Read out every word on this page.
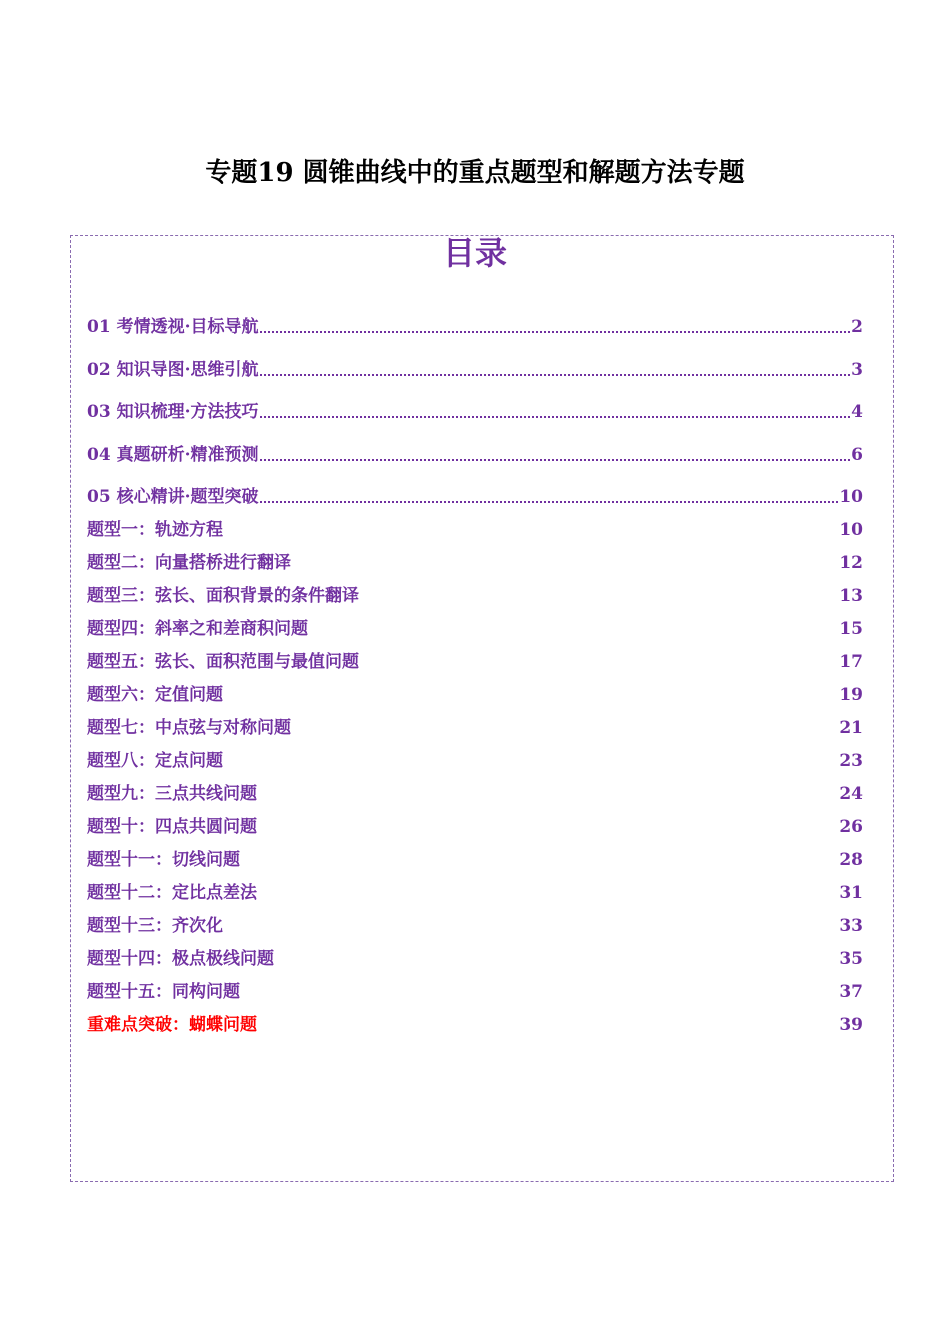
专题19 圆锥曲线中的重点题型和解题方法专题
目录
01 考情透视·目标导航	2
02 知识导图·思维引航	3
03 知识梳理·方法技巧	4
04 真题研析·精准预测	6
05 核心精讲·题型突破	10
题型一：轨迹方程	10
题型二：向量搭桥进行翻译	12
题型三：弦长、面积背景的条件翻译	13
题型四：斜率之和差商积问题	15
题型五：弦长、面积范围与最值问题	17
题型六：定值问题	19
题型七：中点弦与对称问题	21
题型八：定点问题	23
题型九：三点共线问题	24
题型十：四点共圆问题	26
题型十一：切线问题	28
题型十二：定比点差法	31
题型十三：齐次化	33
题型十四：极点极线问题	35
题型十五：同构问题	37
重难点突破：蝴蝶问题	39
